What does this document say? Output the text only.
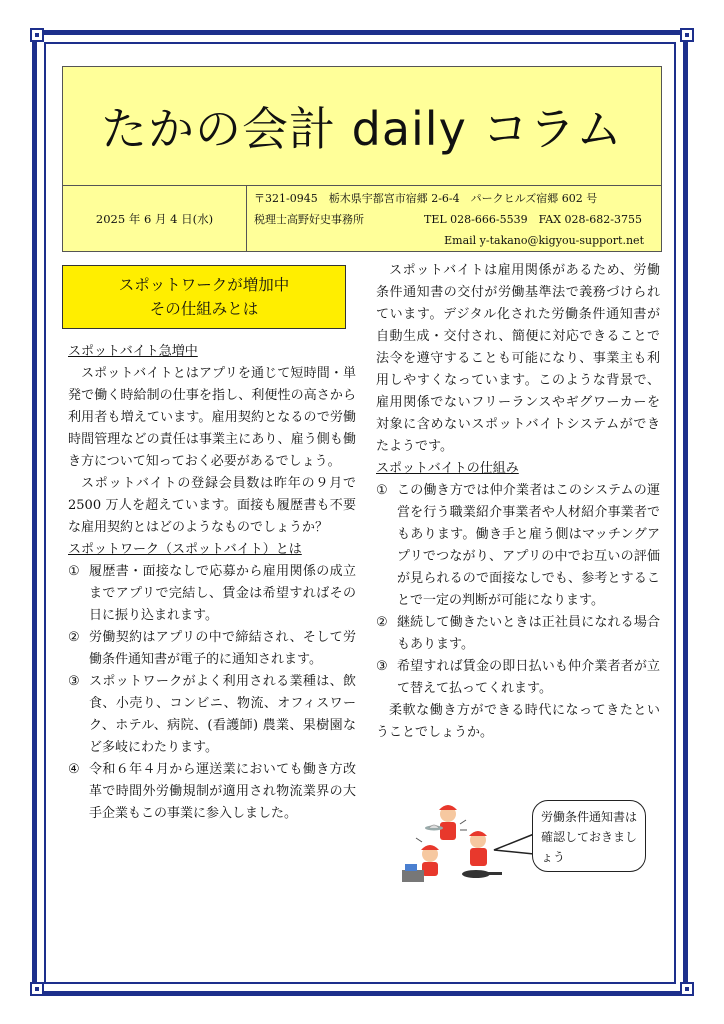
たかの会計 daily コラム
2025 年 6 月 4 日(水)
〒321-0945　栃木県宇都宮市宿郷 2-6-4　パークヒルズ宿郷 602 号
税理士高野好史事務所	TEL 028-666-5539　FAX 028-682-3755
Email y-takano@kigyou-support.net
スポットワークが増加中
その仕組みとは
スポットバイト急増中

スポットバイトとはアプリを通じて短時間・単発で働く時給制の仕事を指し、利便性の高さから利用者も増えています。雇用契約となるので労働時間管理などの責任は事業主にあり、雇う側も働き方について知っておく必要があるでしょう。

スポットバイトの登録会員数は昨年の９月で 2500 万人を超えています。面接も履歴書も不要な雇用契約とはどのようなものでしょうか？

スポットワーク（スポットバイト）とは
① 履歴書・面接なしで応募から雇用関係の成立までアプリで完結し、賃金は希望すればその日に振り込まれます。
② 労働契約はアプリの中で締結され、そして労働条件通知書が電子的に通知されます。
③ スポットワークがよく利用される業種は、飲食、小売り、コンビニ、物流、オフィスワーク、ホテル、病院、(看護師) 農業、果樹園など多岐にわたります。
④ 令和６年４月から運送業においても働き方改革で時間外労働規制が適用され物流業界の大手企業もこの事業に参入しました。

スポットバイトは雇用関係があるため、労働条件通知書の交付が労働基準法で義務づけられています。デジタル化された労働条件通知書が自動生成・交付され、簡便に対応できることで法令を遵守することも可能になり、事業主も利用しやすくなっています。このような背景で、雇用関係でないフリーランスやギグワーカーを対象に含めないスポットバイトシステムができたようです。

スポットバイトの仕組み
① この働き方では仲介業者はこのシステムの運営を行う職業紹介事業者や人材紹介事業者でもあります。働き手と雇う側はマッチングアプリでつながり、アプリの中でお互いの評価が見られるので面接なしでも、参考とすることで一定の判断が可能になります。
② 継続して働きたいときは正社員になれる場合もあります。
③ 希望すれば賃金の即日払いも仲介業者者が立て替えて払ってくれます。

柔軟な働き方ができる時代になってきたということでしょうか。

労働条件通知書は確認しておきましょう
